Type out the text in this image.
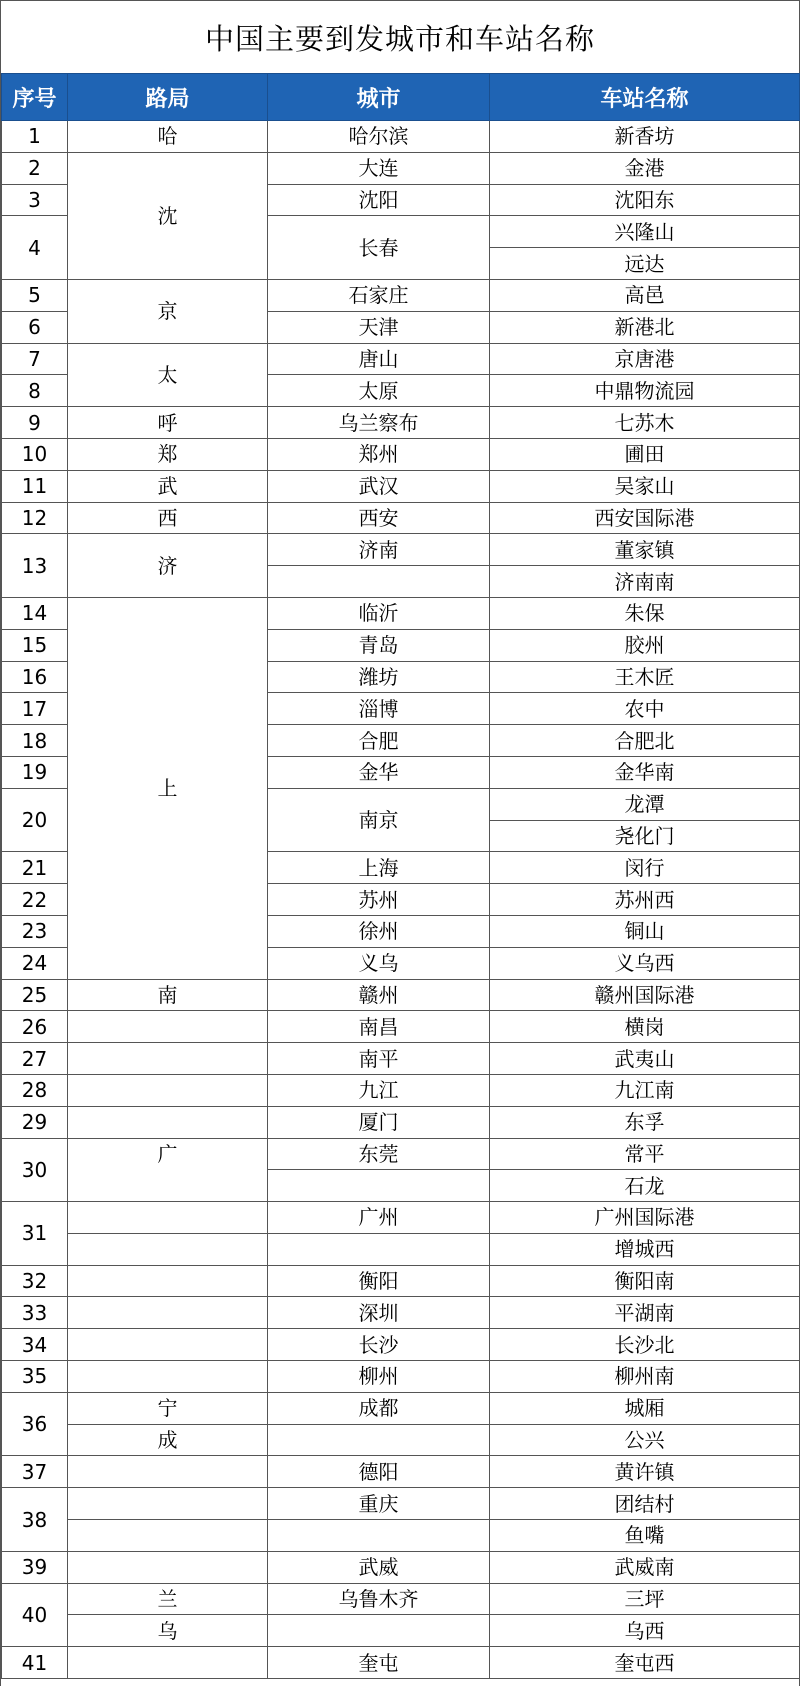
中国主要到发城市和车站名称
序号	路局	城市	车站名称
1	哈	哈尔滨	新香坊
2	沈	大连	金港
3		沈阳	沈阳东
4		长春	兴隆山
			远达
5	京	石家庄	高邑
6		天津	新港北
7	太	唐山	京唐港
8		太原	中鼎物流园
9	呼	乌兰察布	七苏木
10	郑	郑州	圃田
11	武	武汉	吴家山
12	西	西安	西安国际港
13	济	济南	董家镇
			济南南
14	上	临沂	朱保
15		青岛	胶州
16		潍坊	王木匠
17		淄博	农中
18		合肥	合肥北
19		金华	金华南
20		南京	龙潭
			尧化门
21		上海	闵行
22		苏州	苏州西
23		徐州	铜山
24		义乌	义乌西
25	南	赣州	赣州国际港
26		南昌	横岗
27		南平	武夷山
28		九江	九江南
29		厦门	东孚
30	广	东莞	常平
			石龙
31		广州	广州国际港
			增城西
32		衡阳	衡阳南
33		深圳	平湖南
34		长沙	长沙北
35		柳州	柳州南
36	宁	成都	城厢
	成		公兴
37		德阳	黄许镇
38		重庆	团结村
			鱼嘴
39		武威	武威南
40	兰	乌鲁木齐	三坪
	乌		乌西
41		奎屯	奎屯西
